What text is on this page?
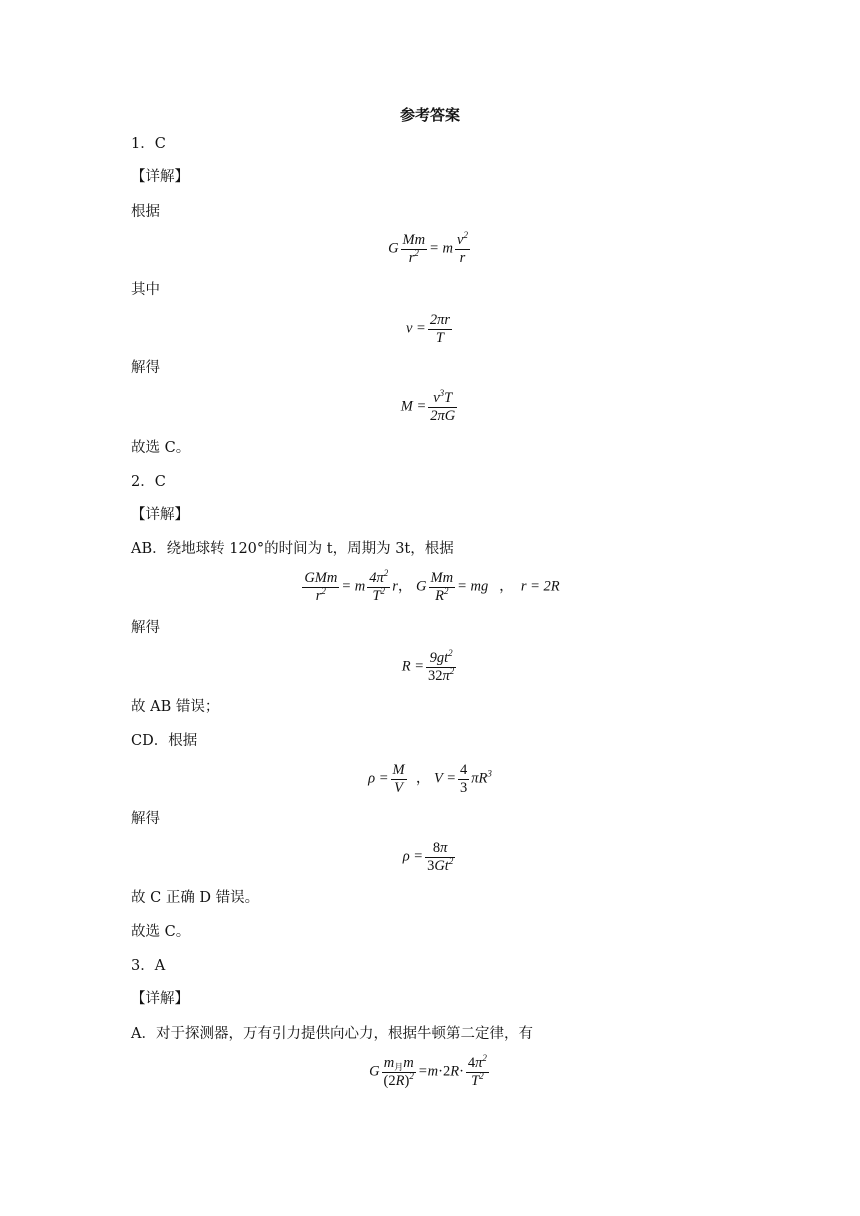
参考答案
1．C
【详解】
根据
G $\frac{Mm}{r^2} = m \frac{v^2}{r}$
其中
$v = \frac{2\pi r}{T}$
解得
$M = \frac{v^3T}{2\pi G}$
故选 C。
2．C
【详解】
AB．绕地球转 120°的时间为 t，周期为 3t，根据
$\frac{\text{GMm}}{r^2} = m \frac{4\pi^2}{T^2}$ r， G $\frac{Mm}{R^2}$ = mg   ，  r = 2R
解得
$R = \frac{9gt^2}{32\pi^2}$
故 AB 错误；
CD．根据
$\rho = \frac{M}{V}$ ， $V = \frac{4}{3} \pi R^3$
解得
$\rho = \frac{8\pi}{3Gt^2}$
故 C 正确 D 错误。
故选 C。
3．A
【详解】
A．对于探测器，万有引力提供向心力，根据牛顿第二定律，有
G $\frac{m_月m}{(2R)^2} =m\cdot 2R\cdot \frac{4\pi^2}{T^2}$
